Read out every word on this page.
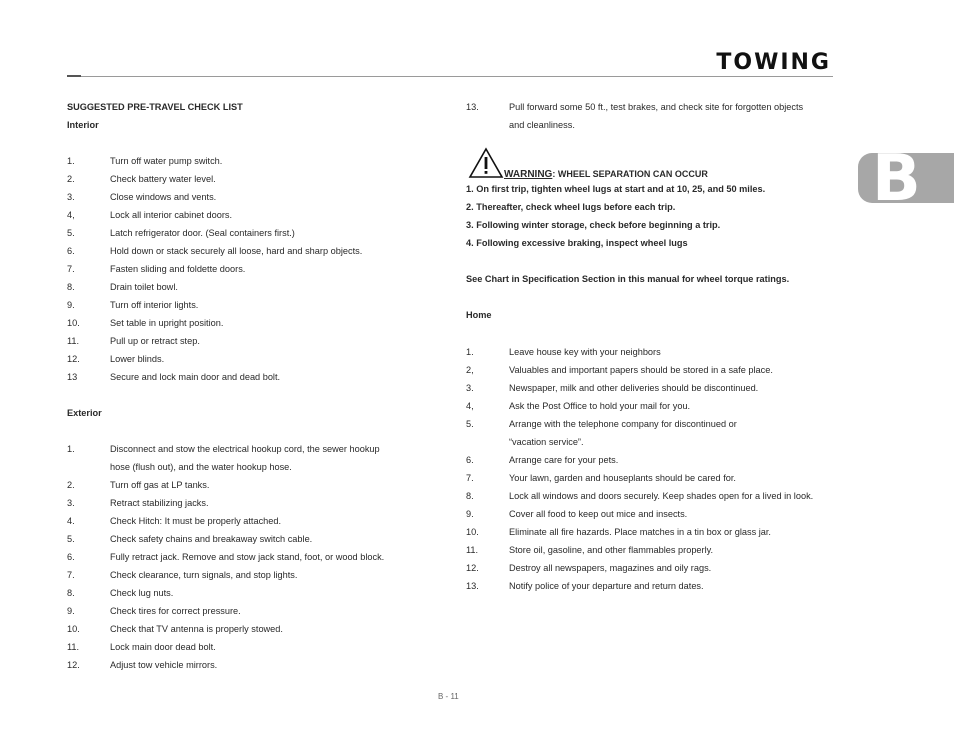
TOWING
B
SUGGESTED PRE-TRAVEL CHECK LIST
Interior
1.	Turn off water pump switch.
2.	Check battery water level.
3.	Close windows and vents.
4,	Lock all interior cabinet doors.
5.	Latch refrigerator door. (Seal containers first.)
6.	Hold down or stack securely all loose, hard and sharp objects.
7.	Fasten sliding and foldette doors.
8.	Drain toilet bowl.
9.	Turn off interior lights.
10.	Set table in upright position.
11.	Pull up or retract step.
12.	Lower blinds.
13	Secure and lock main door and dead bolt.
Exterior
1.	Disconnect and stow the electrical hookup cord, the sewer hookup
hose (flush out), and the water hookup hose.
2.	Turn off gas at LP tanks.
3.	Retract stabilizing jacks.
4.	Check Hitch: It must be properly attached.
5.	Check safety chains and breakaway switch cable.
6.	Fully retract jack. Remove and stow jack stand, foot, or wood block.
7.	Check clearance, turn signals, and stop lights.
8.	Check lug nuts.
9.	Check tires for correct pressure.
10.	Check that TV antenna is properly stowed.
11.	Lock main door dead bolt.
12.	Adjust tow vehicle mirrors.
13.	Pull forward some 50 ft., test brakes, and check site for forgotten objects
and cleanliness.
WARNING: WHEEL SEPARATION CAN OCCUR
1. On first trip, tighten wheel lugs at start and at 10, 25, and 50 miles.
2. Thereafter, check wheel lugs before each trip.
3. Following winter storage, check before beginning a trip.
4. Following excessive braking, inspect wheel lugs
See Chart in Specification Section in this manual for wheel torque ratings.
Home
1.	Leave house key with your neighbors
2,	Valuables and important papers should be stored in a safe place.
3.	Newspaper, milk and other deliveries should be discontinued.
4,	Ask the Post Office to hold your mail for you.
5.	Arrange with the telephone company for discontinued or
“vacation service”.
6.	Arrange care for your pets.
7.	Your lawn, garden and houseplants should be cared for.
8.	Lock all windows and doors securely. Keep shades open for a lived in look.
9.	Cover all food to keep out mice and insects.
10.	Eliminate all fire hazards. Place matches in a tin box or glass jar.
11.	Store oil, gasoline, and other flammables properly.
12.	Destroy all newspapers, magazines and oily rags.
13.	Notify police of your departure and return dates.
B - 11
